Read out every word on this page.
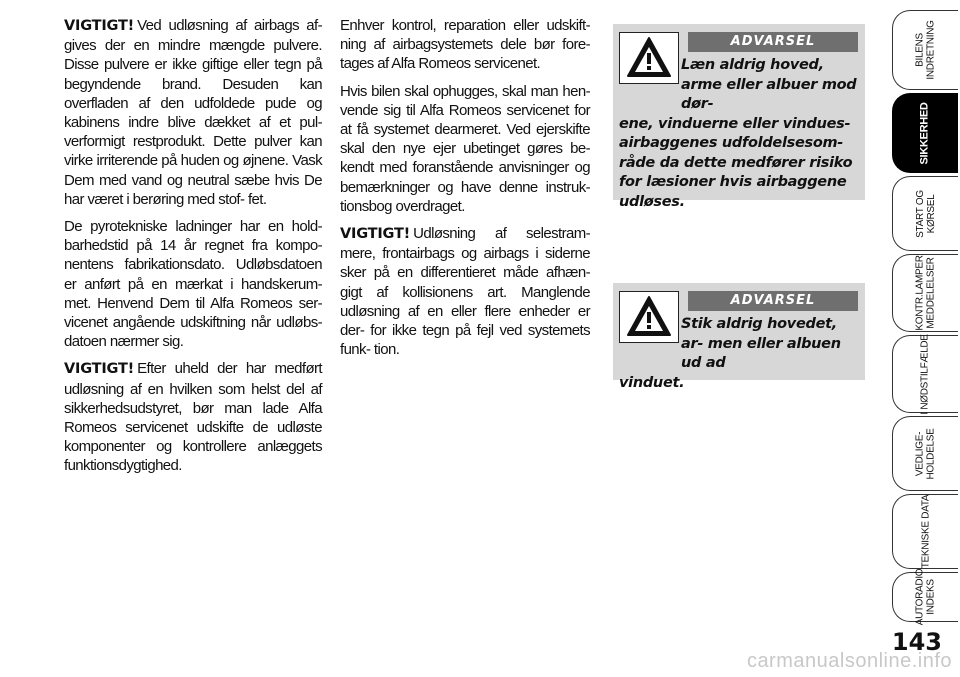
VIGTIGT! Ved udløsning af airbags af- gives der en mindre mængde pulvere. Disse pulvere er ikke giftige eller tegn på begyndende brand. Desuden kan overfladen af den udfoldede pude og kabinens indre blive dækket af et pul- verformigt restprodukt. Dette pulver kan virke irriterende på huden og øjnene. Vask Dem med vand og neutral sæbe hvis De har været i berøring med stof- fet.

De pyrotekniske ladninger har en hold- barhedstid på 14 år regnet fra kompo- nentens fabrikationsdato. Udløbsdatoen er anført på en mærkat i handskerum- met. Henvend Dem til Alfa Romeos ser- vicenet angående udskiftning når udløbs- datoen nærmer sig.

VIGTIGT! Efter uheld der har medført udløsning af en hvilken som helst del af sikkerhedsudstyret, bør man lade Alfa Romeos servicenet udskifte de udløste komponenter og kontrollere anlæggets funktionsdygtighed.

Enhver kontrol, reparation eller udskift- ning af airbagsystemets dele bør fore- tages af Alfa Romeos servicenet.

Hvis bilen skal ophugges, skal man hen- vende sig til Alfa Romeos servicenet for at få systemet dearmeret. Ved ejerskifte skal den nye ejer ubetinget gøres be- kendt med foranstående anvisninger og bemærkninger og have denne instruk- tionsbog overdraget.

VIGTIGT! Udløsning af selestram- mere, frontairbags og airbags i siderne sker på en differentieret måde afhæn- gigt af kollisionens art. Manglende udløsning af en eller flere enheder er der- for ikke tegn på fejl ved systemets funk- tion.

ADVARSEL
Læn aldrig hoved, arme eller albuer mod dør-
ene, vinduerne eller vindues- airbaggenes udfoldelsesom- råde da dette medfører risiko for læsioner hvis airbaggene udløses.
ADVARSEL
Stik aldrig hovedet, ar- men eller albuen ud ad
vinduet.
BILENS
INDRETNING
SIKKERHED
START OG
KØRSEL
KONTR.LAMPER
MEDDELELSER
I NØDSTILFÆLDE
VEDLIGE-
HOLDELSE
TEKNISKE DATA
AUTORADIO
INDEKS
143
carmanualsonline.info
